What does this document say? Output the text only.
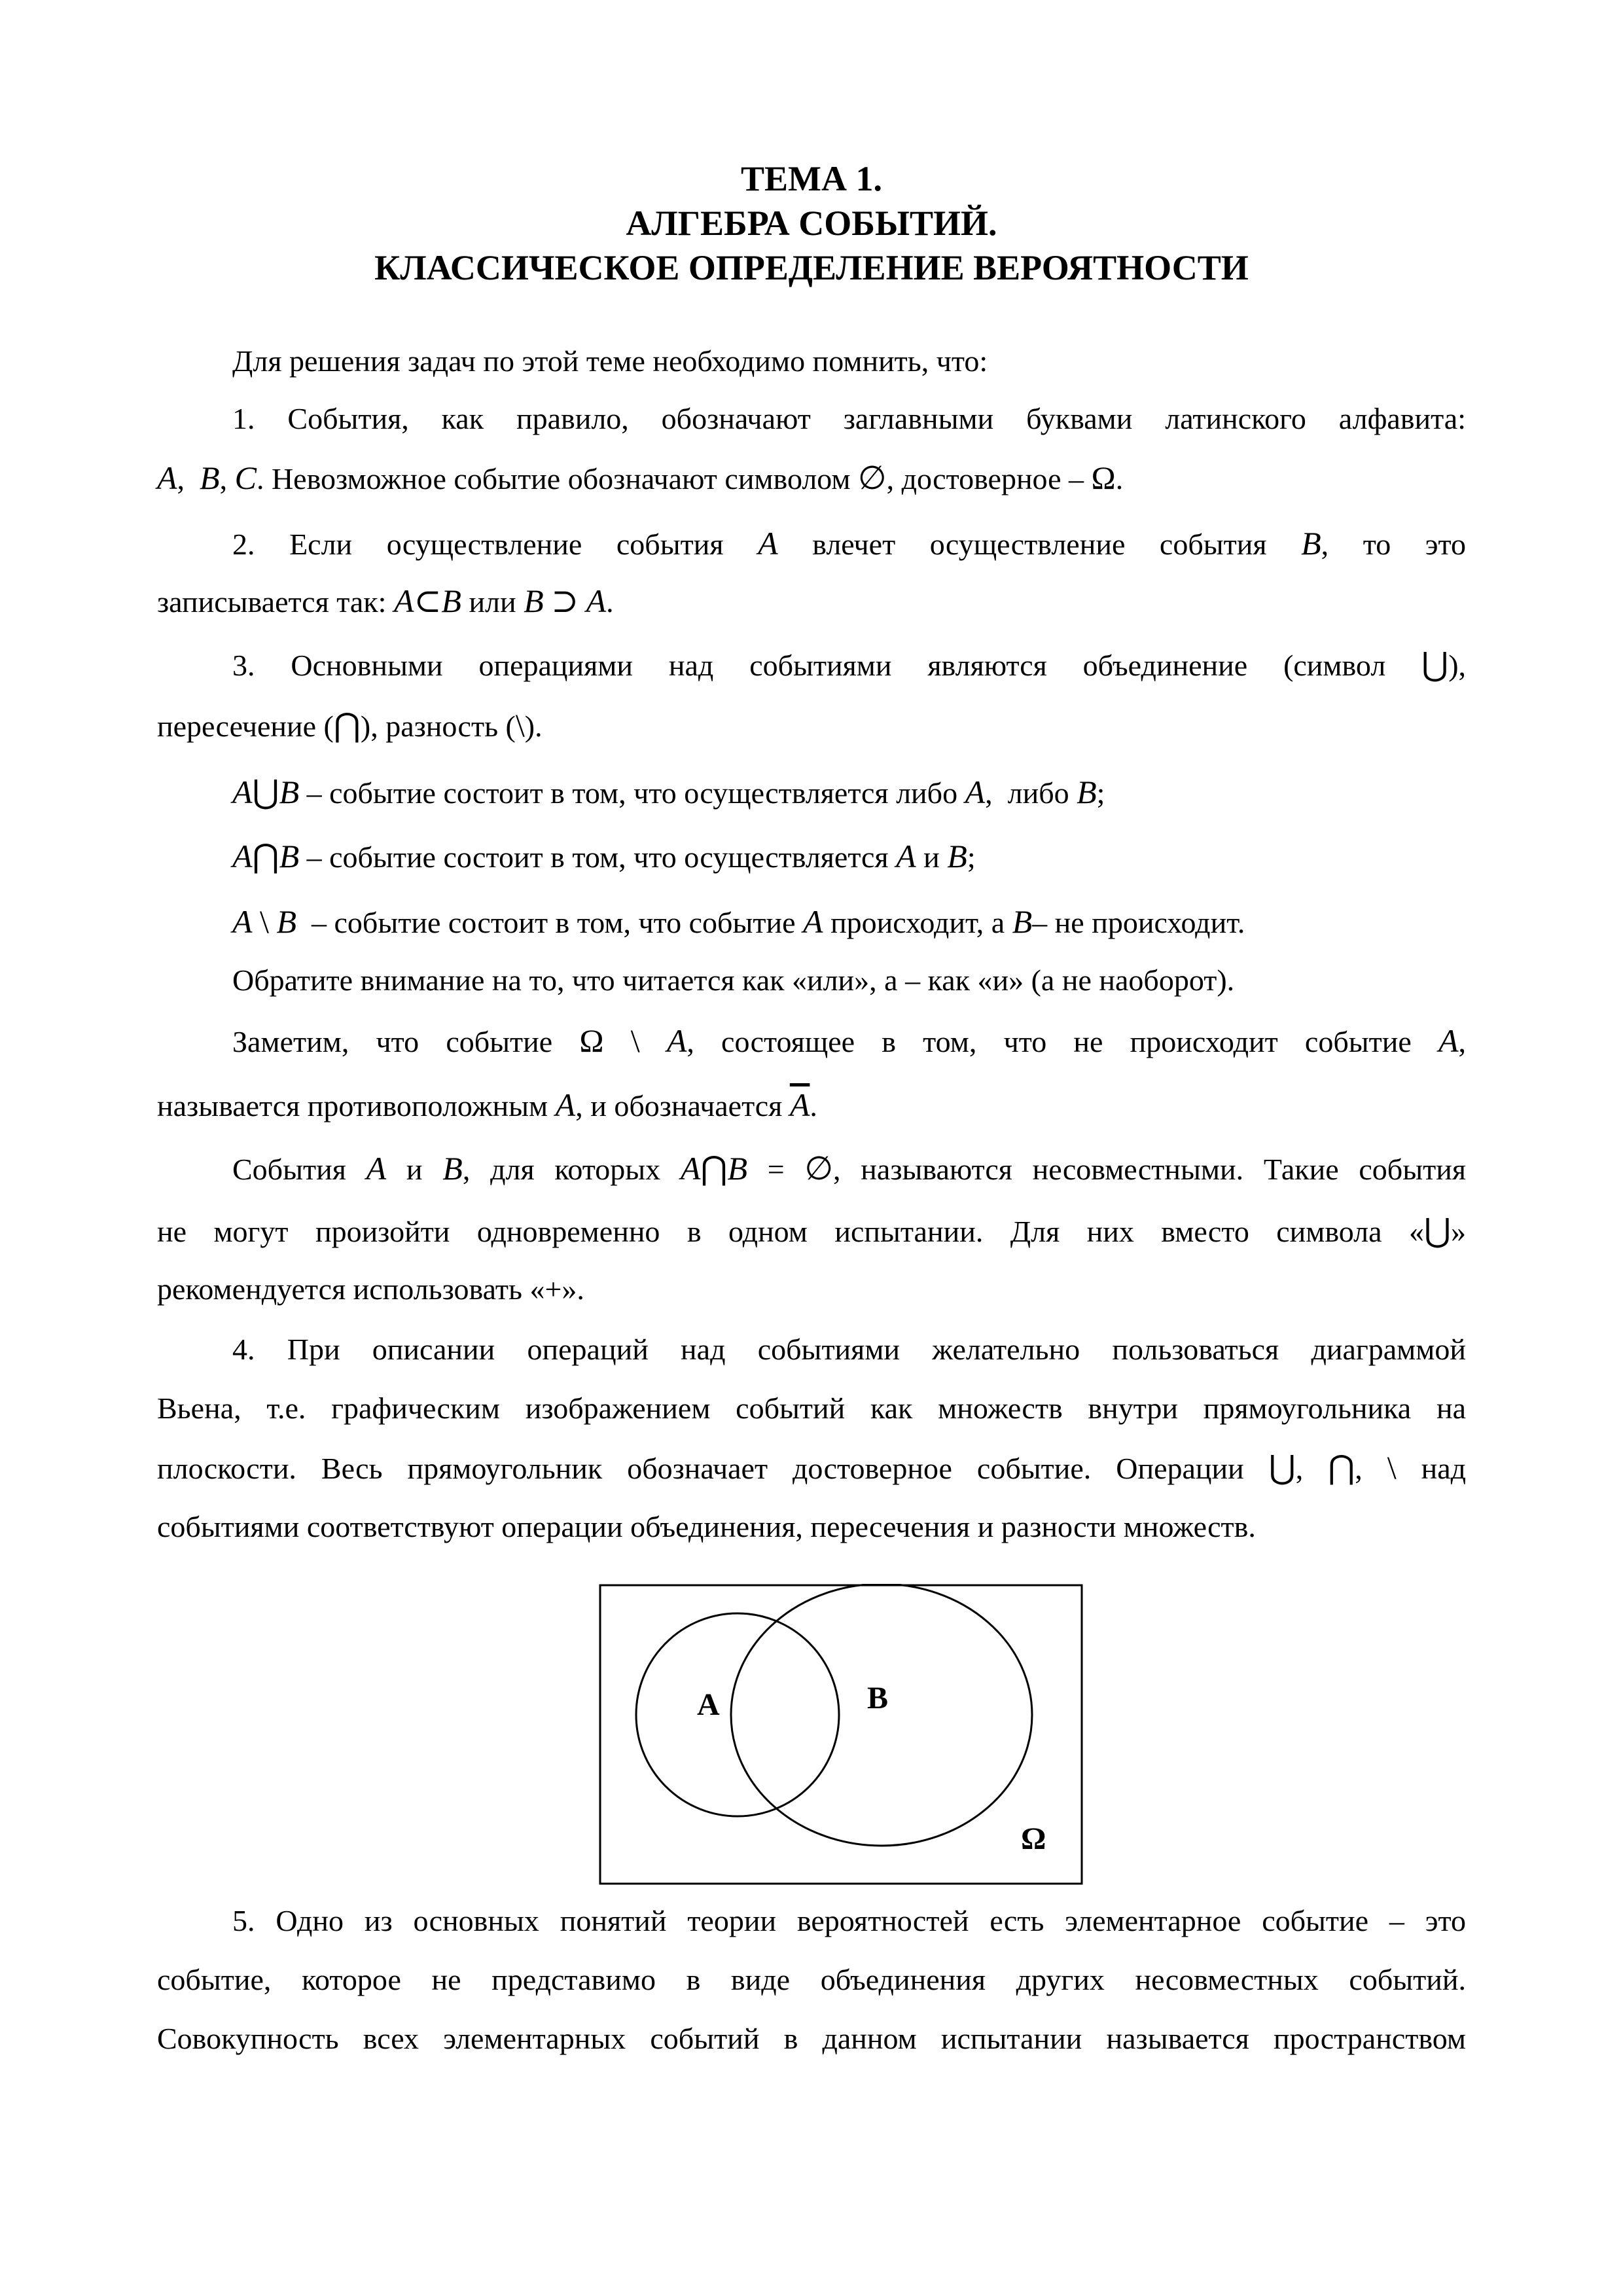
ТЕМА 1.
АЛГЕБРА СОБЫТИЙ.
КЛАССИЧЕСКОЕ ОПРЕДЕЛЕНИЕ ВЕРОЯТНОСТИ
Для решения задач по этой теме необходимо помнить, что:
1. События, как правило, обозначают заглавными буквами латинского алфавита:
A,  B, C. Невозможное событие обозначают символом ∅, достоверное – Ω.
2. Если осуществление события A влечет осуществление события B, то это
записывается так: A⊂B или B ⊃ A.
3. Основными операциями над событиями являются объединение (символ ⋃),
пересечение (⋂), разность (\).
A⋃B – событие состоит в том, что осуществляется либо A,  либо B;
A⋂B – событие состоит в том, что осуществляется A и B;
A \ B – событие состоит в том, что событие A происходит, а B– не происходит.
Обратите внимание на то, что читается как «или», а – как «и» (а не наоборот).
Заметим, что событие Ω \ A, состоящее в том, что не происходит событие A,
называется противоположным A, и обозначается $\overline{A}$.
События A и B, для которых A⋂B = ∅, называются несовместными. Такие события
не могут произойти одновременно в одном испытании. Для них вместо символа «⋃»
рекомендуется использовать «+».
4. При описании операций над событиями желательно пользоваться диаграммой
Вьена, т.е. графическим изображением событий как множеств внутри прямоугольника на
плоскости. Весь прямоугольник обозначает достоверное событие. Операции ⋃, ⋂, \ над
событиями соответствуют операции объединения, пересечения и разности множеств.
A	B
Ω
5. Одно из основных понятий теории вероятностей есть элементарное событие – это
событие, которое не представимо в виде объединения других несовместных событий.
Совокупность всех элементарных событий в данном испытании называется пространством
